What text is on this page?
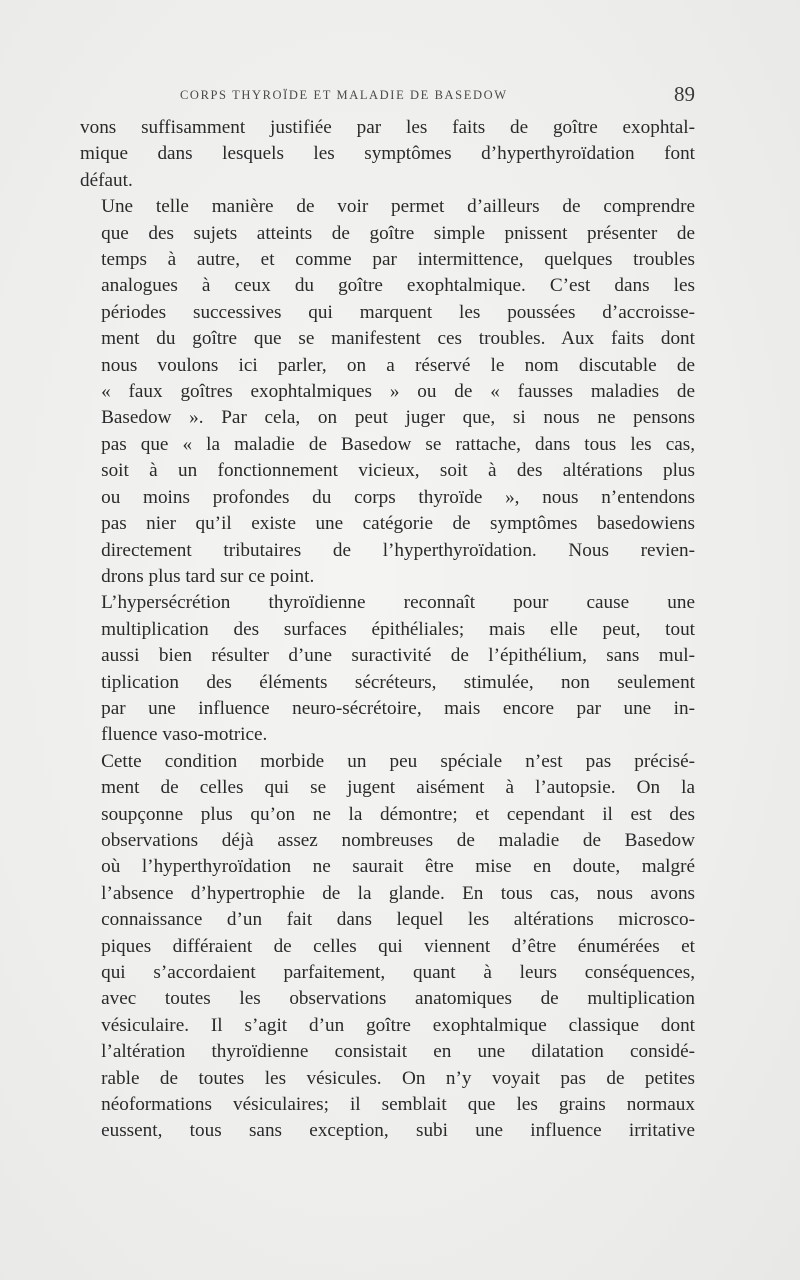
CORPS THYROÏDE ET MALADIE DE BASEDOW	89

vons suffisamment justifiée par les faits de goître exophtal-
mique dans lesquels les symptômes d’hyperthyroïdation font
défaut.

Une telle manière de voir permet d’ailleurs de comprendre
que des sujets atteints de goître simple pnissent présenter de
temps à autre, et comme par intermittence, quelques troubles
analogues à ceux du goître exophtalmique. C’est dans les
périodes successives qui marquent les poussées d’accroisse-
ment du goître que se manifestent ces troubles. Aux faits dont
nous voulons ici parler, on a réservé le nom discutable de
« faux goîtres exophtalmiques » ou de « fausses maladies de
Basedow ». Par cela, on peut juger que, si nous ne pensons
pas que « la maladie de Basedow se rattache, dans tous les cas,
soit à un fonctionnement vicieux, soit à des altérations plus
ou moins profondes du corps thyroïde », nous n’entendons
pas nier qu’il existe une catégorie de symptômes basedowiens
directement tributaires de l’hyperthyroïdation. Nous revien-
drons plus tard sur ce point.

L’hypersécrétion thyroïdienne reconnaît pour cause une
multiplication des surfaces épithéliales; mais elle peut, tout
aussi bien résulter d’une suractivité de l’épithélium, sans mul-
tiplication des éléments sécréteurs, stimulée, non seulement
par une influence neuro-sécrétoire, mais encore par une in-
fluence vaso-motrice.

Cette condition morbide un peu spéciale n’est pas précisé-
ment de celles qui se jugent aisément à l’autopsie. On la
soupçonne plus qu’on ne la démontre; et cependant il est des
observations déjà assez nombreuses de maladie de Basedow
où l’hyperthyroïdation ne saurait être mise en doute, malgré
l’absence d’hypertrophie de la glande. En tous cas, nous avons
connaissance d’un fait dans lequel les altérations microsco-
piques différaient de celles qui viennent d’être énumérées et
qui s’accordaient parfaitement, quant à leurs conséquences,
avec toutes les observations anatomiques de multiplication
vésiculaire. Il s’agit d’un goître exophtalmique classique dont
l’altération thyroïdienne consistait en une dilatation considé-
rable de toutes les vésicules. On n’y voyait pas de petites
néoformations vésiculaires; il semblait que les grains normaux
eussent, tous sans exception, subi une influence irritative
